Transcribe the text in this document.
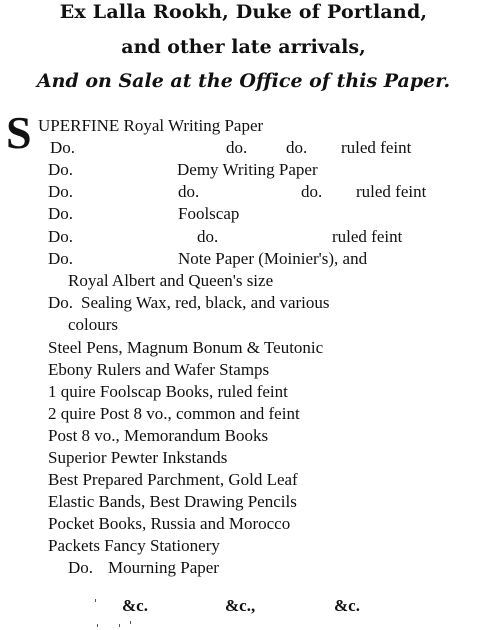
Ex Lalla Rookh, Duke of Portland,
and other late arrivals,
And on Sale at the Office of this Paper.
S UPERFINE Royal Writing Paper
Do.	do. do. ruled feint
Do.	Demy Writing Paper
Do.	do.	do. ruled feint
Do.	Foolscap
Do.	do.	ruled feint
Do.	Note Paper (Moinier's), and
Royal Albert and Queen's size
Do. Sealing Wax, red, black, and various
colours
Steel Pens, Magnum Bonum & Teutonic
Ebony Rulers and Wafer Stamps
1 quire Foolscap Books, ruled feint
2 quire Post 8 vo., common and feint
Post 8 vo., Memorandum Books
Superior Pewter Inkstands
Best Prepared Parchment, Gold Leaf
Elastic Bands, Best Drawing Pencils
Pocket Books, Russia and Morocco
Packets Fancy Stationery
Do. Mourning Paper
&c.	&c.,	&c.
